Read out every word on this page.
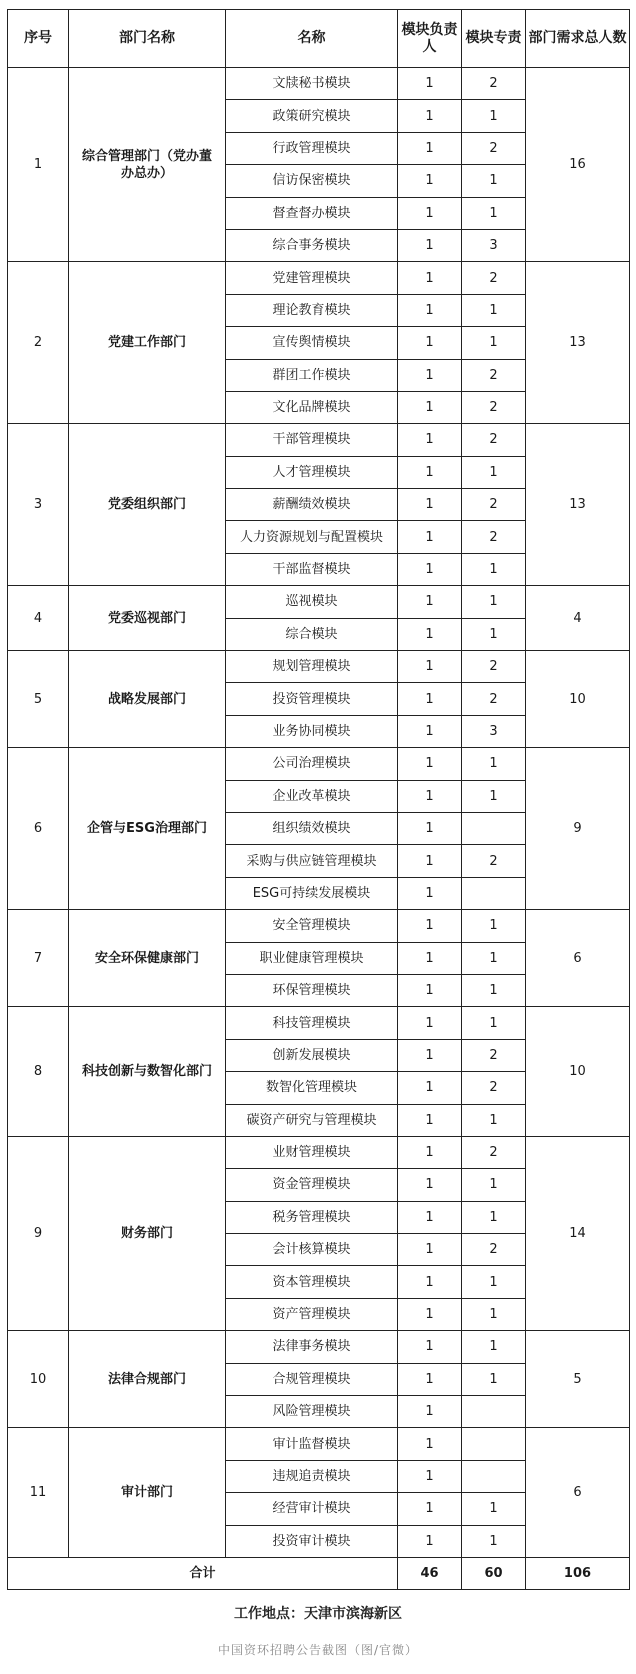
序号	部门名称	名称	模块负责人	模块专责	部门需求总人数
1	综合管理部门（党办董办总办）	文牍秘书模块	1	2	16
		政策研究模块	1	1	
		行政管理模块	1	2	
		信访保密模块	1	1	
		督查督办模块	1	1	
		综合事务模块	1	3	
2	党建工作部门	党建管理模块	1	2	13
		理论教育模块	1	1	
		宣传舆情模块	1	1	
		群团工作模块	1	2	
		文化品牌模块	1	2	
3	党委组织部门	干部管理模块	1	2	13
		人才管理模块	1	1	
		薪酬绩效模块	1	2	
		人力资源规划与配置模块	1	2	
		干部监督模块	1	1	
4	党委巡视部门	巡视模块	1	1	4
		综合模块	1	1	
5	战略发展部门	规划管理模块	1	2	10
		投资管理模块	1	2	
		业务协同模块	1	3	
6	企管与ESG治理部门	公司治理模块	1	1	9
		企业改革模块	1	1	
		组织绩效模块	1		
		采购与供应链管理模块	1	2	
		ESG可持续发展模块	1		
7	安全环保健康部门	安全管理模块	1	1	6
		职业健康管理模块	1	1	
		环保管理模块	1	1	
8	科技创新与数智化部门	科技管理模块	1	1	10
		创新发展模块	1	2	
		数智化管理模块	1	2	
		碳资产研究与管理模块	1	1	
9	财务部门	业财管理模块	1	2	14
		资金管理模块	1	1	
		税务管理模块	1	1	
		会计核算模块	1	2	
		资本管理模块	1	1	
		资产管理模块	1	1	
10	法律合规部门	法律事务模块	1	1	5
		合规管理模块	1	1	
		风险管理模块	1		
11	审计部门	审计监督模块	1		6
		违规追责模块	1		
		经营审计模块	1	1	
		投资审计模块	1	1	
合计			46	60	106
工作地点：天津市滨海新区
中国资环招聘公告截图（图/官微）
